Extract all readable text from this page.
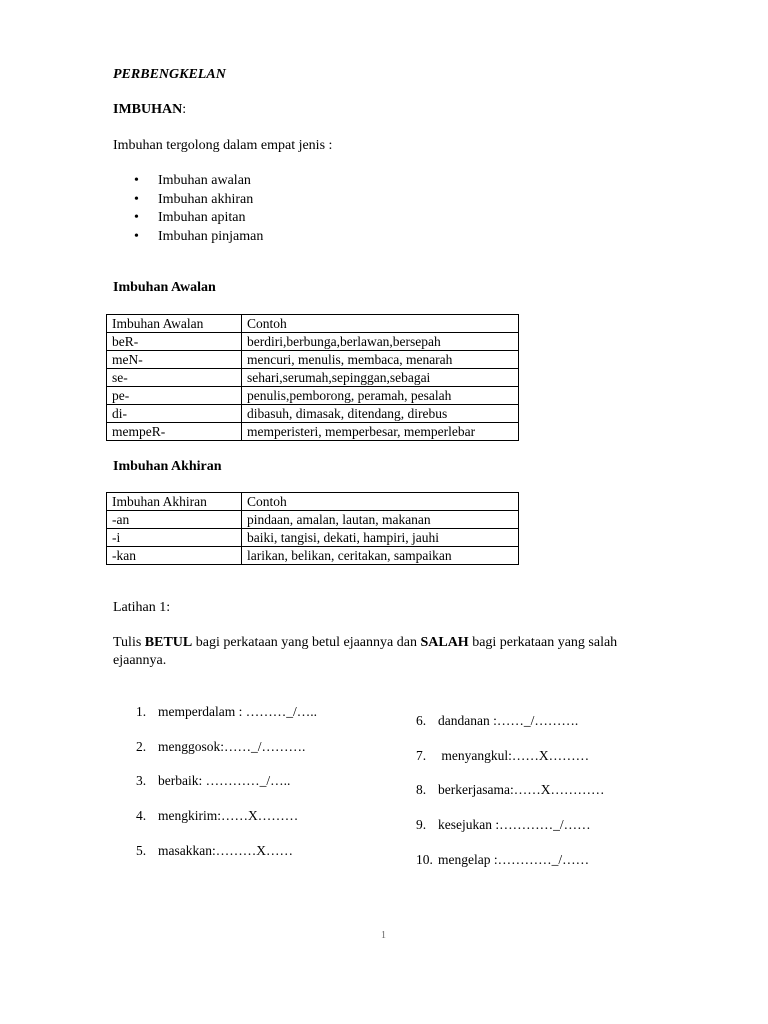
PERBENGKELAN
IMBUHAN:
Imbuhan tergolong dalam empat jenis :
• Imbuhan awalan
• Imbuhan akhiran
• Imbuhan apitan
• Imbuhan pinjaman
Imbuhan Awalan
Imbuhan Awalan	Contoh
beR-	berdiri,berbunga,berlawan,bersepah
meN-	mencuri, menulis, membaca, menarah
se-	sehari,serumah,sepinggan,sebagai
pe-	penulis,pemborong, peramah, pesalah
di-	dibasuh, dimasak, ditendang, direbus
mempeR-	memperisteri, memperbesar, memperlebar
Imbuhan Akhiran
Imbuhan Akhiran	Contoh
-an	pindaan, amalan, lautan, makanan
-i	baiki, tangisi, dekati, hampiri, jauhi
-kan	larikan, belikan, ceritakan, sampaikan
Latihan 1:
Tulis BETUL bagi perkataan yang betul ejaannya dan SALAH bagi perkataan yang salah ejaannya.
1. memperdalam : ………_/…..
2. menggosok:……_/……….
3. berbaik: …………_/…..
4. mengkirim:……X………
5. masakkan:………X……
6. dandanan :……_/……….
7. menyangkul:……X………
8. berkerjasama:……X…………
9. kesejukan :…………_/……
10. mengelap :…………_/……
1
